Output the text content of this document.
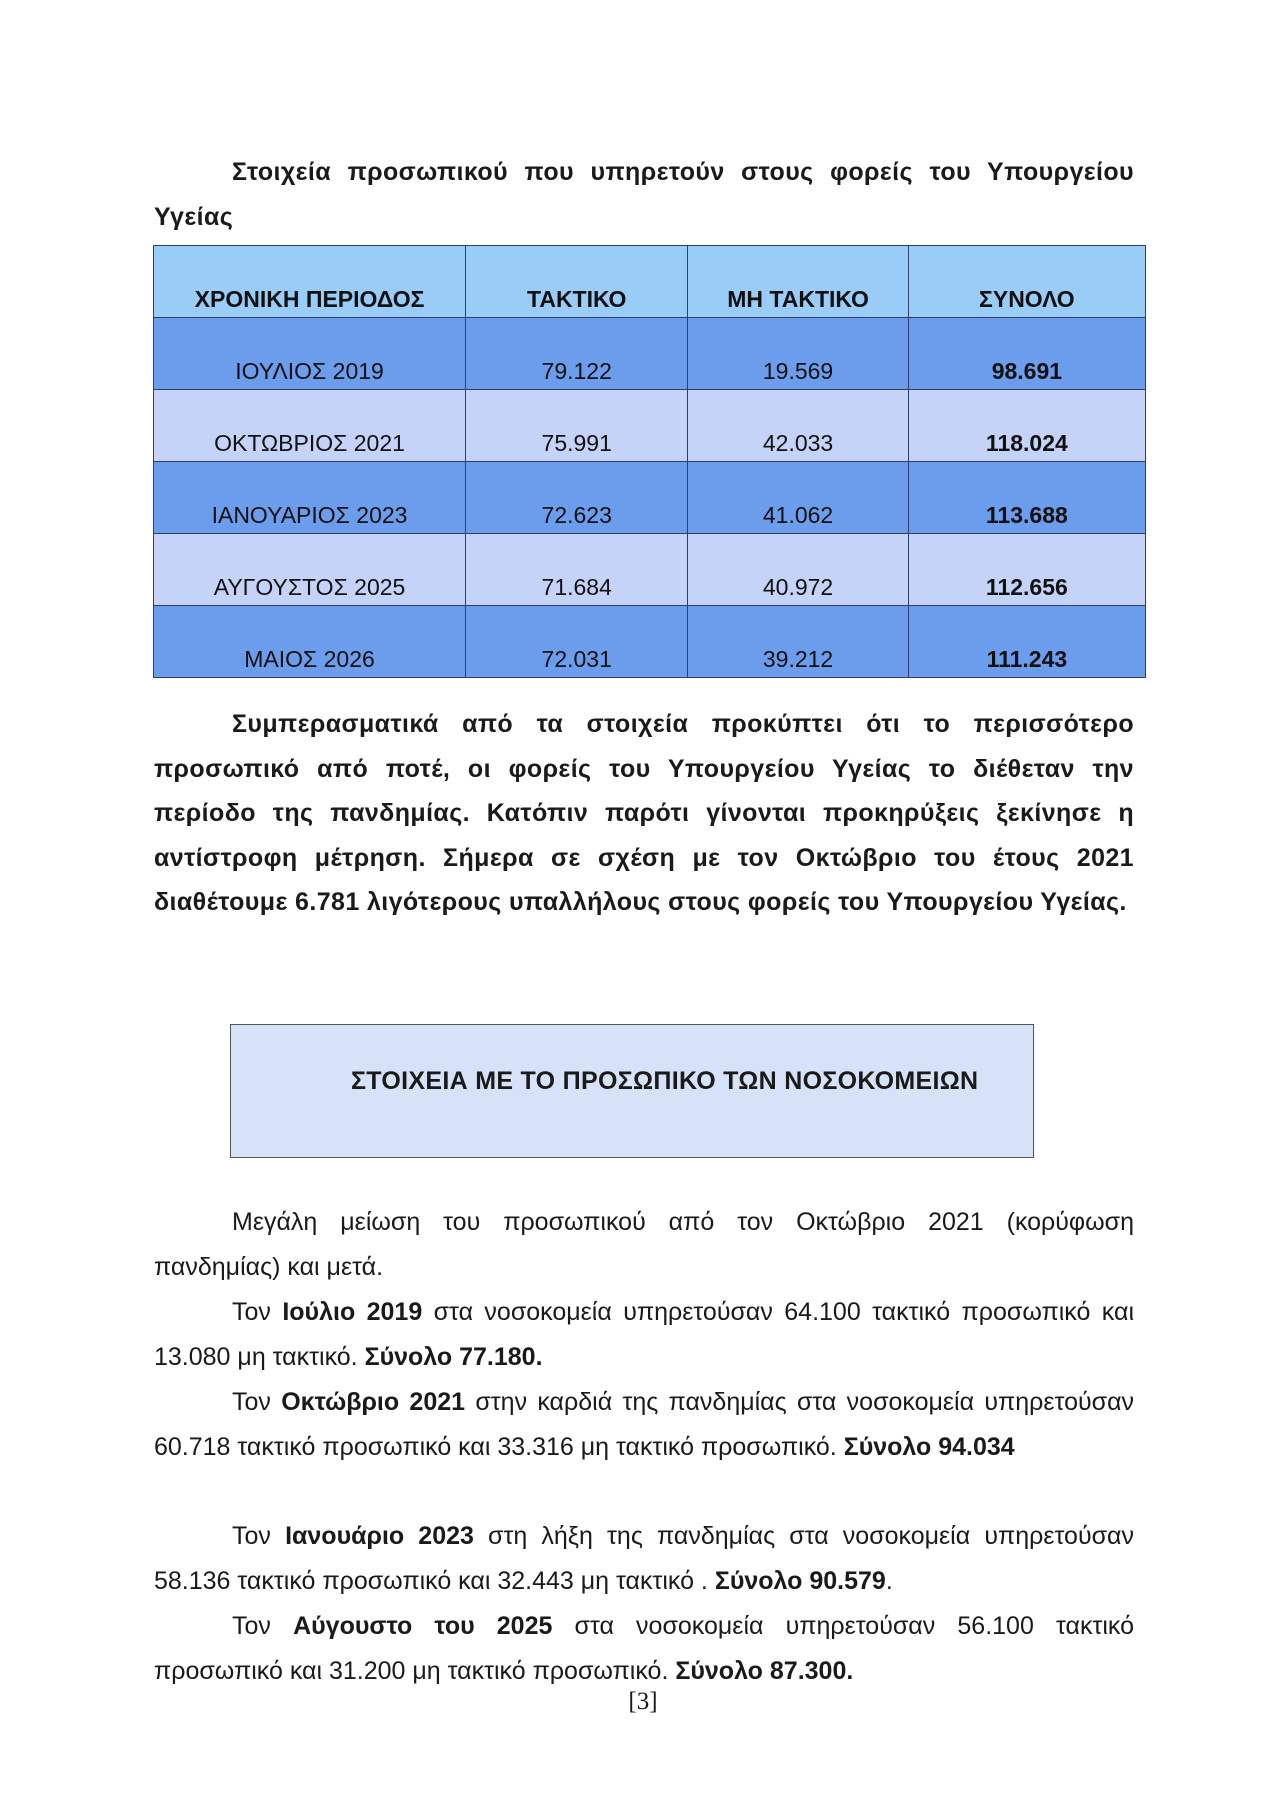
Στοιχεία προσωπικού που υπηρετούν στους φορείς του Υπουργείου Υγείας

ΧΡΟΝΙΚΗ ΠΕΡΙΟΔΟΣ	ΤΑΚΤΙΚΟ	ΜΗ ΤΑΚΤΙΚΟ	ΣΥΝΟΛΟ
ΙΟΥΛΙΟΣ 2019	79.122	19.569	98.691
ΟΚΤΩΒΡΙΟΣ 2021	75.991	42.033	118.024
ΙΑΝΟΥΑΡΙΟΣ 2023	72.623	41.062	113.688
ΑΥΓΟΥΣΤΟΣ 2025	71.684	40.972	112.656
ΜΑΙΟΣ 2026	72.031	39.212	111.243

Συμπερασματικά από τα στοιχεία προκύπτει ότι το περισσότερο προσωπικό από ποτέ, οι φορείς του Υπουργείου Υγείας το διέθεταν την περίοδο της πανδημίας. Κατόπιν παρότι γίνονται προκηρύξεις ξεκίνησε η αντίστροφη μέτρηση. Σήμερα σε σχέση με τον Οκτώβριο του έτους 2021 διαθέτουμε 6.781 λιγότερους υπαλλήλους στους φορείς του Υπουργείου Υγείας.

ΣΤΟΙΧΕΙΑ ΜΕ ΤΟ ΠΡΟΣΩΠΙΚΟ ΤΩΝ ΝΟΣΟΚΟΜΕΙΩΝ

Μεγάλη μείωση του προσωπικού από τον Οκτώβριο 2021 (κορύφωση πανδημίας) και μετά.

Τον Ιούλιο 2019 στα νοσοκομεία υπηρετούσαν 64.100 τακτικό προσωπικό και 13.080 μη τακτικό. Σύνολο 77.180.

Τον Οκτώβριο 2021 στην καρδιά της πανδημίας στα νοσοκομεία υπηρετούσαν 60.718 τακτικό προσωπικό και 33.316 μη τακτικό προσωπικό. Σύνολο 94.034

Τον Ιανουάριο 2023 στη λήξη της πανδημίας στα νοσοκομεία υπηρετούσαν 58.136 τακτικό προσωπικό και 32.443 μη τακτικό . Σύνολο 90.579.

Τον Αύγουστο του 2025 στα νοσοκομεία υπηρετούσαν 56.100 τακτικό προσωπικό και 31.200 μη τακτικό προσωπικό. Σύνολο 87.300.

[3]
